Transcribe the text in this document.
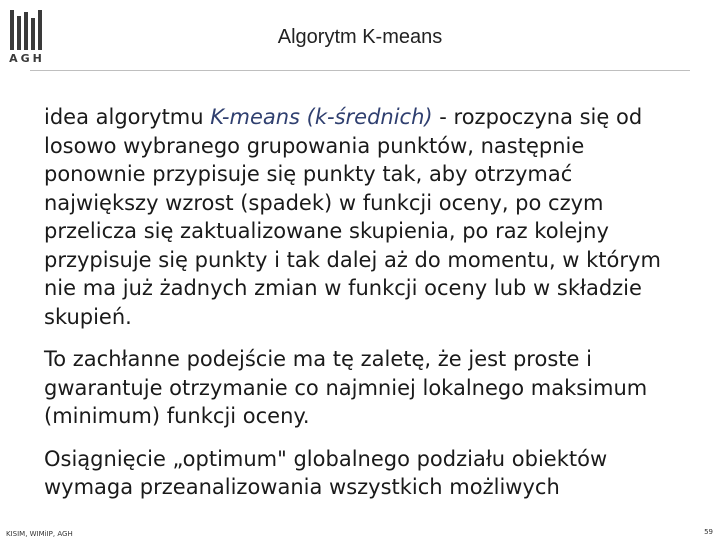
AGH
Algorytm K-means

idea algorytmu K-means (k-średnich) - rozpoczyna się od losowo wybranego grupowania punktów, następnie ponownie przypisuje się punkty tak, aby otrzymać największy wzrost (spadek) w funkcji oceny, po czym przelicza się zaktualizowane skupienia, po raz kolejny przypisuje się punkty i tak dalej aż do momentu, w którym nie ma już żadnych zmian w funkcji oceny lub w składzie skupień.

To zachłanne podejście ma tę zaletę, że jest proste i gwarantuje otrzymanie co najmniej lokalnego maksimum (minimum) funkcji oceny.

Osiągnięcie „optimum" globalnego podziału obiektów wymaga przeanalizowania wszystkich możliwych

KISIM, WIMiIP, AGH	59
